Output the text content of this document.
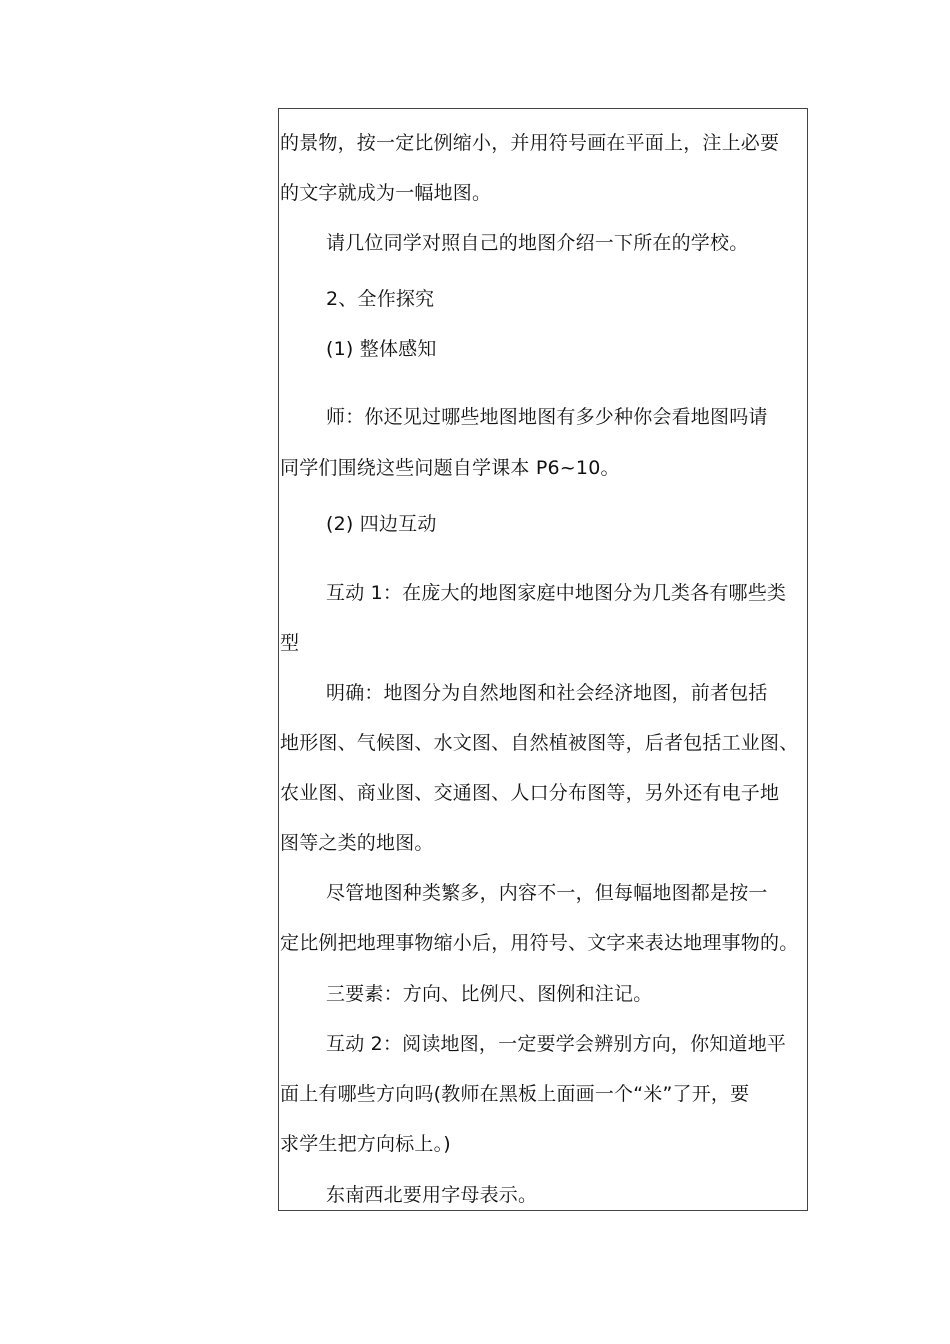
的景物，按一定比例缩小，并用符号画在平面上，注上必要
的文字就成为一幅地图。
请几位同学对照自己的地图介绍一下所在的学校。
2、全作探究
(1) 整体感知
师：你还见过哪些地图地图有多少种你会看地图吗请
同学们围绕这些问题自学课本 P6~10。
(2) 四边互动
互动 1：在庞大的地图家庭中地图分为几类各有哪些类
型
明确：地图分为自然地图和社会经济地图，前者包括
地形图、气候图、水文图、自然植被图等，后者包括工业图、
农业图、商业图、交通图、人口分布图等，另外还有电子地
图等之类的地图。
尽管地图种类繁多，内容不一，但每幅地图都是按一
定比例把地理事物缩小后，用符号、文字来表达地理事物的。
三要素：方向、比例尺、图例和注记。
互动 2：阅读地图，一定要学会辨别方向，你知道地平
面上有哪些方向吗(教师在黑板上面画一个“米”了开，要
求学生把方向标上。)
东南西北要用字母表示。
